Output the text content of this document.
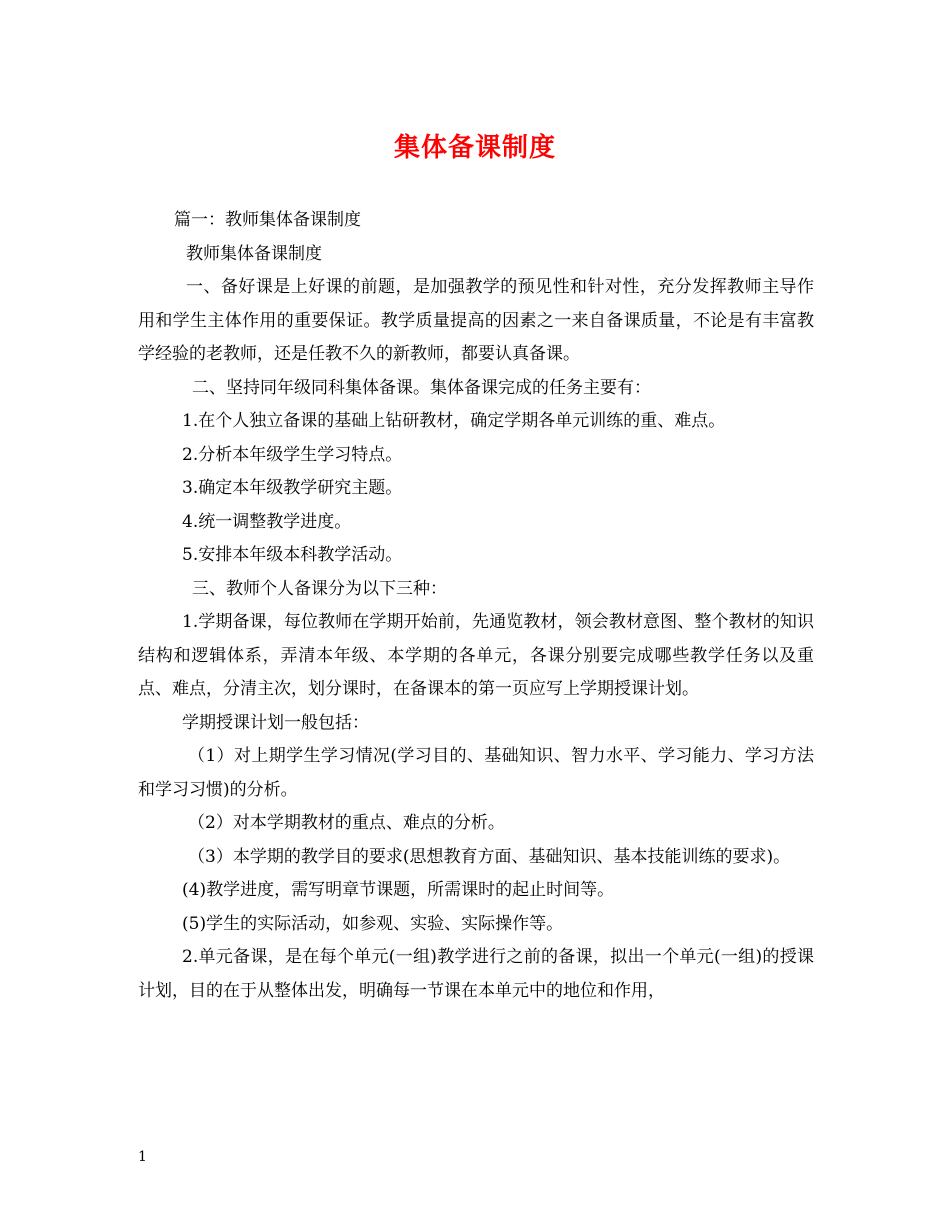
集体备课制度

篇一：教师集体备课制度

教师集体备课制度

一、备好课是上好课的前题，是加强教学的预见性和针对性，充分发挥教师主导作用和学生主体作用的重要保证。教学质量提高的因素之一来自备课质量，不论是有丰富教学经验的老教师，还是任教不久的新教师，都要认真备课。

二、坚持同年级同科集体备课。集体备课完成的任务主要有：

1.在个人独立备课的基础上钻研教材，确定学期各单元训练的重、难点。

2.分析本年级学生学习特点。

3.确定本年级教学研究主题。

4.统一调整教学进度。

5.安排本年级本科教学活动。

三、教师个人备课分为以下三种：

1.学期备课，每位教师在学期开始前，先通览教材，领会教材意图、整个教材的知识结构和逻辑体系，弄清本年级、本学期的各单元，各课分别要完成哪些教学任务以及重点、难点，分清主次，划分课时，在备课本的第一页应写上学期授课计划。

学期授课计划一般包括：

（1）对上期学生学习情况(学习目的、基础知识、智力水平、学习能力、学习方法和学习习惯)的分析。

（2）对本学期教材的重点、难点的分析。

（3）本学期的教学目的要求(思想教育方面、基础知识、基本技能训练的要求)。

(4)教学进度，需写明章节课题，所需课时的起止时间等。

(5)学生的实际活动，如参观、实验、实际操作等。

2.单元备课，是在每个单元(一组)教学进行之前的备课，拟出一个单元(一组)的授课计划，目的在于从整体出发，明确每一节课在本单元中的地位和作用，

1
